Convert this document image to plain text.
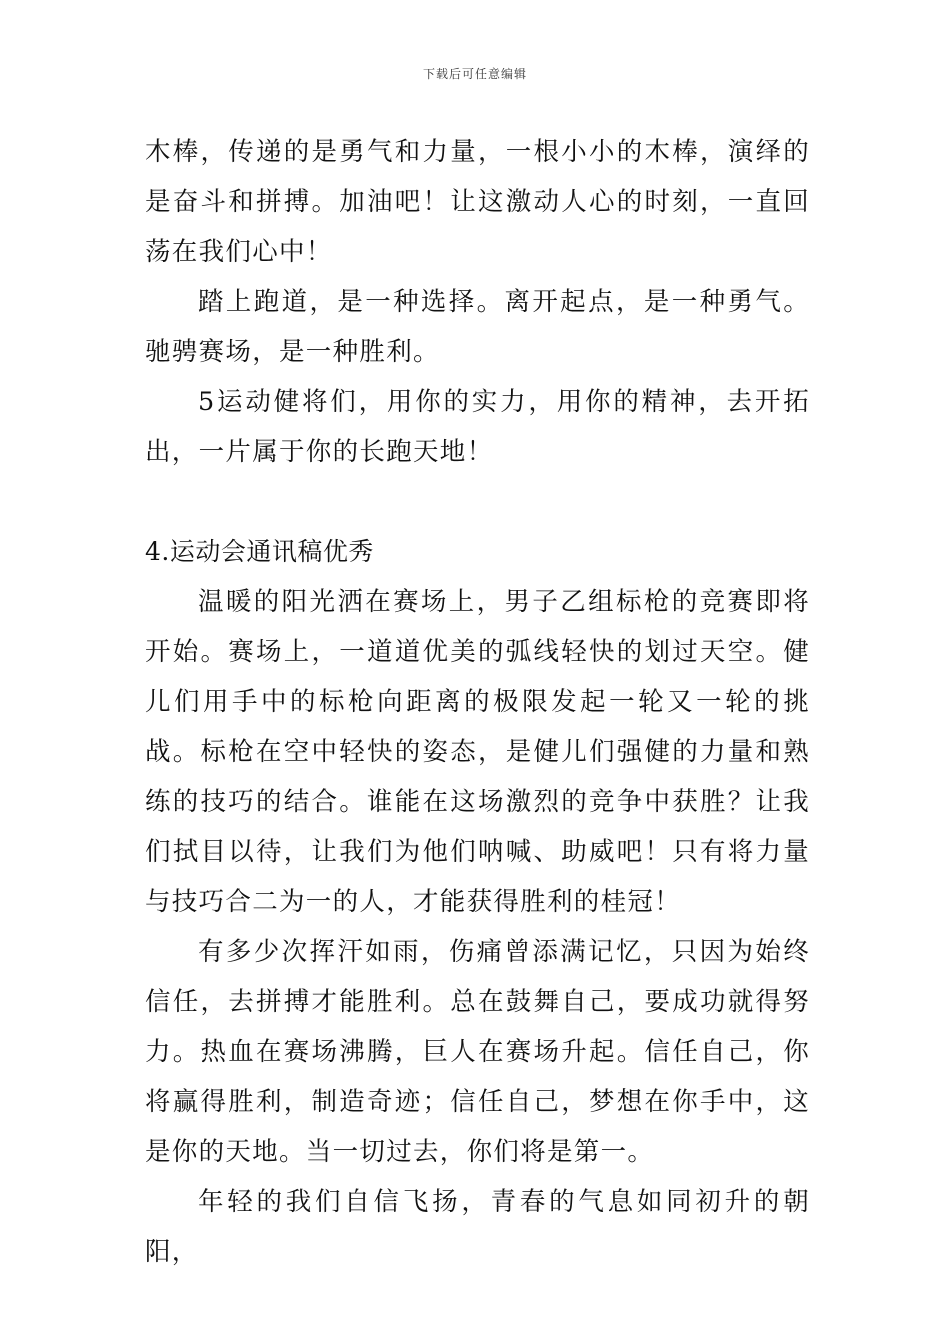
下载后可任意编辑

木棒，传递的是勇气和力量，一根小小的木棒，演绎的是奋斗和拼搏。加油吧！让这激动人心的时刻，一直回荡在我们心中！

踏上跑道，是一种选择。离开起点，是一种勇气。驰骋赛场，是一种胜利。

5运动健将们，用你的实力，用你的精神，去开拓出，一片属于你的长跑天地！

4.运动会通讯稿优秀

温暖的阳光洒在赛场上，男子乙组标枪的竞赛即将开始。赛场上，一道道优美的弧线轻快的划过天空。健儿们用手中的标枪向距离的极限发起一轮又一轮的挑战。标枪在空中轻快的姿态，是健儿们强健的力量和熟练的技巧的结合。谁能在这场激烈的竞争中获胜？让我们拭目以待，让我们为他们呐喊、助威吧！只有将力量与技巧合二为一的人，才能获得胜利的桂冠！

有多少次挥汗如雨，伤痛曾添满记忆，只因为始终信任，去拼搏才能胜利。总在鼓舞自己，要成功就得努力。热血在赛场沸腾，巨人在赛场升起。信任自己，你将赢得胜利，制造奇迹；信任自己，梦想在你手中，这是你的天地。当一切过去，你们将是第一。

年轻的我们自信飞扬，青春的气息如同初升的朝阳，
